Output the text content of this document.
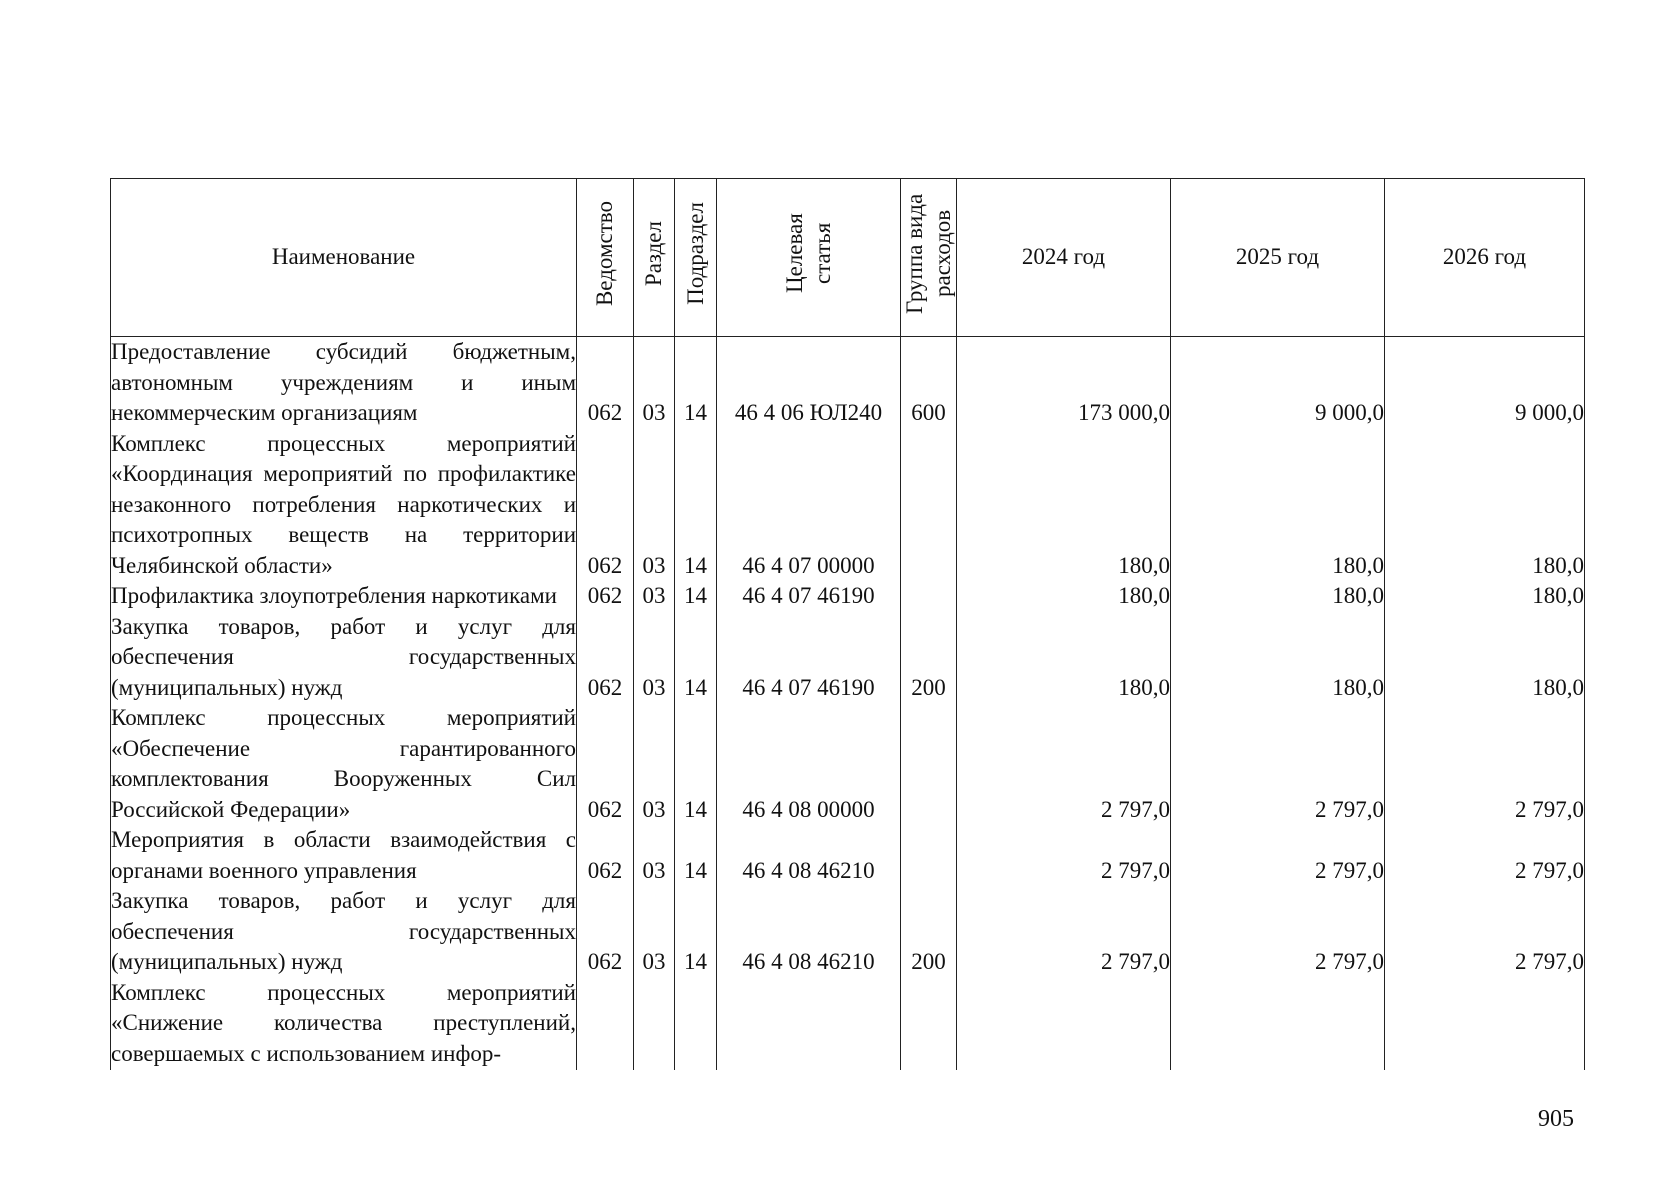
Наименование	Ведомство	Раздел	Подраздел	Целевая статья	Группа вида расходов	2024 год	2025 год	2026 год
Предоставление субсидий бюджетным, автономным учреждениям и иным некоммерческим организациям	062	03	14	46 4 06 ЮЛ240	600	173 000,0	9 000,0	9 000,0
Комплекс процессных мероприятий «Координация мероприятий по профилактике незаконного потребления наркотических и психотропных веществ на территории Челябинской области»	062	03	14	46 4 07 00000		180,0	180,0	180,0
Профилактика злоупотребления наркотиками	062	03	14	46 4 07 46190		180,0	180,0	180,0
Закупка товаров, работ и услуг для обеспечения государственных (муниципальных) нужд	062	03	14	46 4 07 46190	200	180,0	180,0	180,0
Комплекс процессных мероприятий «Обеспечение гарантированного комплектования Вооруженных Сил Российской Федерации»	062	03	14	46 4 08 00000		2 797,0	2 797,0	2 797,0
Мероприятия в области взаимодействия с органами военного управления	062	03	14	46 4 08 46210		2 797,0	2 797,0	2 797,0
Закупка товаров, работ и услуг для обеспечения государственных (муниципальных) нужд	062	03	14	46 4 08 46210	200	2 797,0	2 797,0	2 797,0
Комплекс процессных мероприятий «Снижение количества преступлений, совершаемых с использованием инфор-								
905
